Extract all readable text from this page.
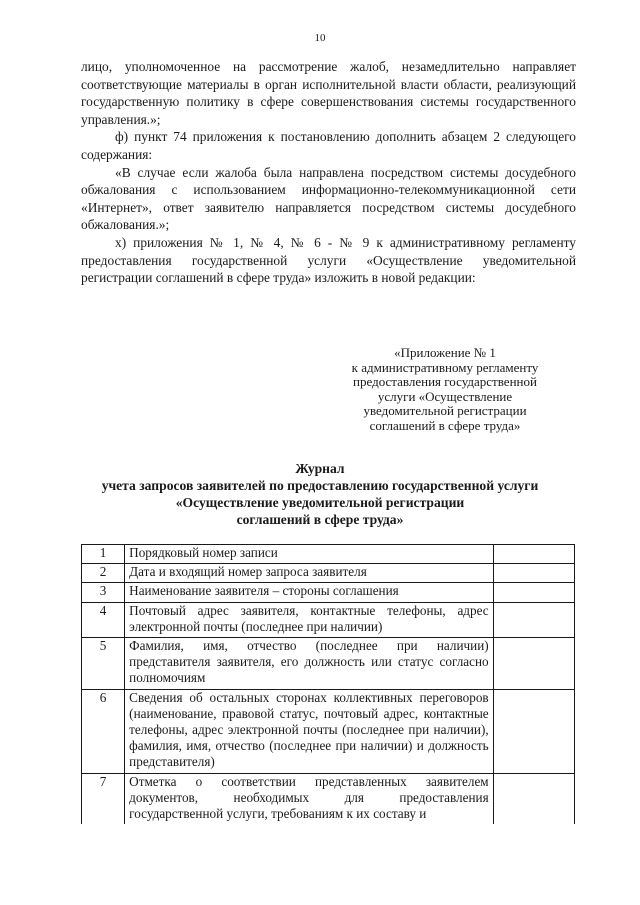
10

лицо, уполномоченное на рассмотрение жалоб, незамедлительно направляет соответствующие материалы в орган исполнительной власти области, реализующий государственную политику в сфере совершенствования системы государственного управления.»;

ф) пункт 74 приложения к постановлению дополнить абзацем 2 следующего содержания:

«В случае если жалоба была направлена посредством системы досудебного обжалования с использованием информационно-телекоммуникационной сети «Интернет», ответ заявителю направляется посредством системы досудебного обжалования.»;

х) приложения № 1, № 4, № 6 - № 9 к административному регламенту предоставления государственной услуги «Осуществление уведомительной регистрации соглашений в сфере труда» изложить в новой редакции:

«Приложение № 1
к административному регламенту
предоставления государственной
услуги «Осуществление
уведомительной регистрации
соглашений в сфере труда»
Журнал
учета запросов заявителей по предоставлению государственной услуги
«Осуществление уведомительной регистрации
соглашений в сфере труда»
1	Порядковый номер записи	
2	Дата и входящий номер запроса заявителя	
3	Наименование заявителя – стороны соглашения	
4	Почтовый адрес заявителя, контактные телефоны, адрес электронной почты (последнее при наличии)	
5	Фамилия, имя, отчество (последнее при наличии) представителя заявителя, его должность или статус согласно полномочиям	
6	Сведения об остальных сторонах коллективных переговоров (наименование, правовой статус, почтовый адрес, контактные телефоны, адрес электронной почты (последнее при наличии), фамилия, имя, отчество (последнее при наличии) и должность представителя)	
7	Отметка о соответствии представленных заявителем документов, необходимых для предоставления государственной услуги, требованиям к их составу и	
